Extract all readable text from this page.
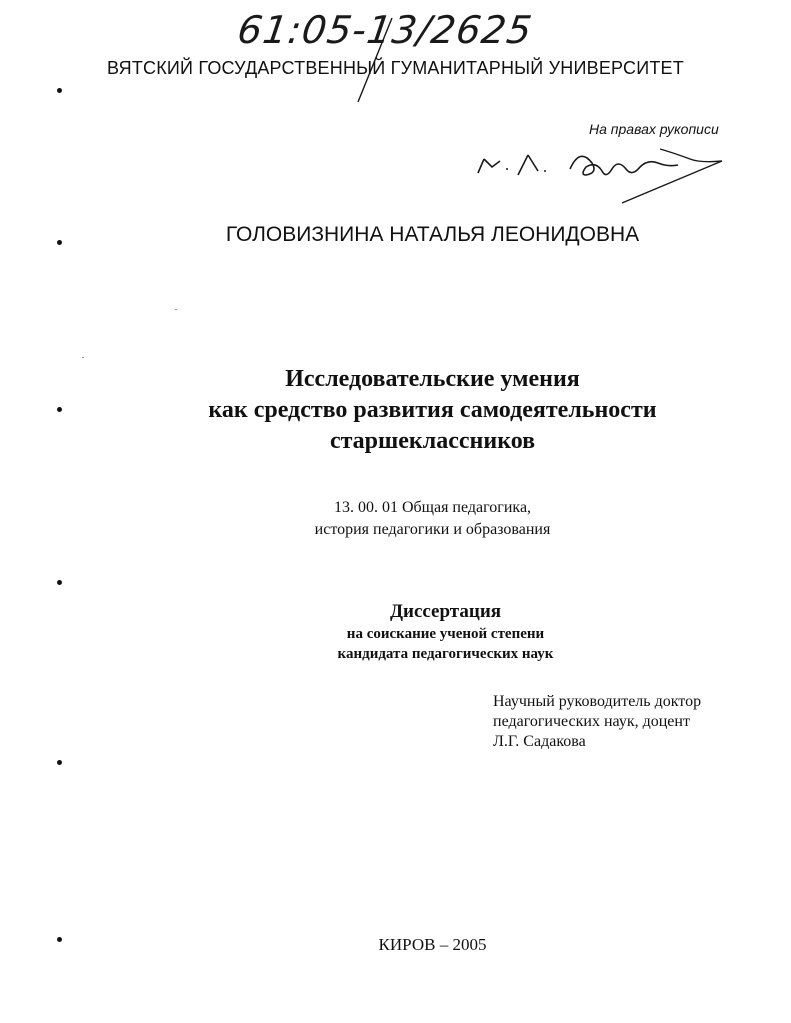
61:05-13/2625
ВЯТСКИЙ ГОСУДАРСТВЕННЫЙ ГУМАНИТАРНЫЙ УНИВЕРСИТЕТ
На правах рукописи
ГОЛОВИЗНИНА НАТАЛЬЯ ЛЕОНИДОВНА
Исследовательские умения
как средство развития самодеятельности
старшеклассников
13. 00. 01 Общая педагогика,
история педагогики и образования
Диссертация
на соискание ученой степени
кандидата педагогических наук
Научный руководитель доктор
педагогических наук, доцент
Л.Г. Садакова
КИРОВ – 2005
